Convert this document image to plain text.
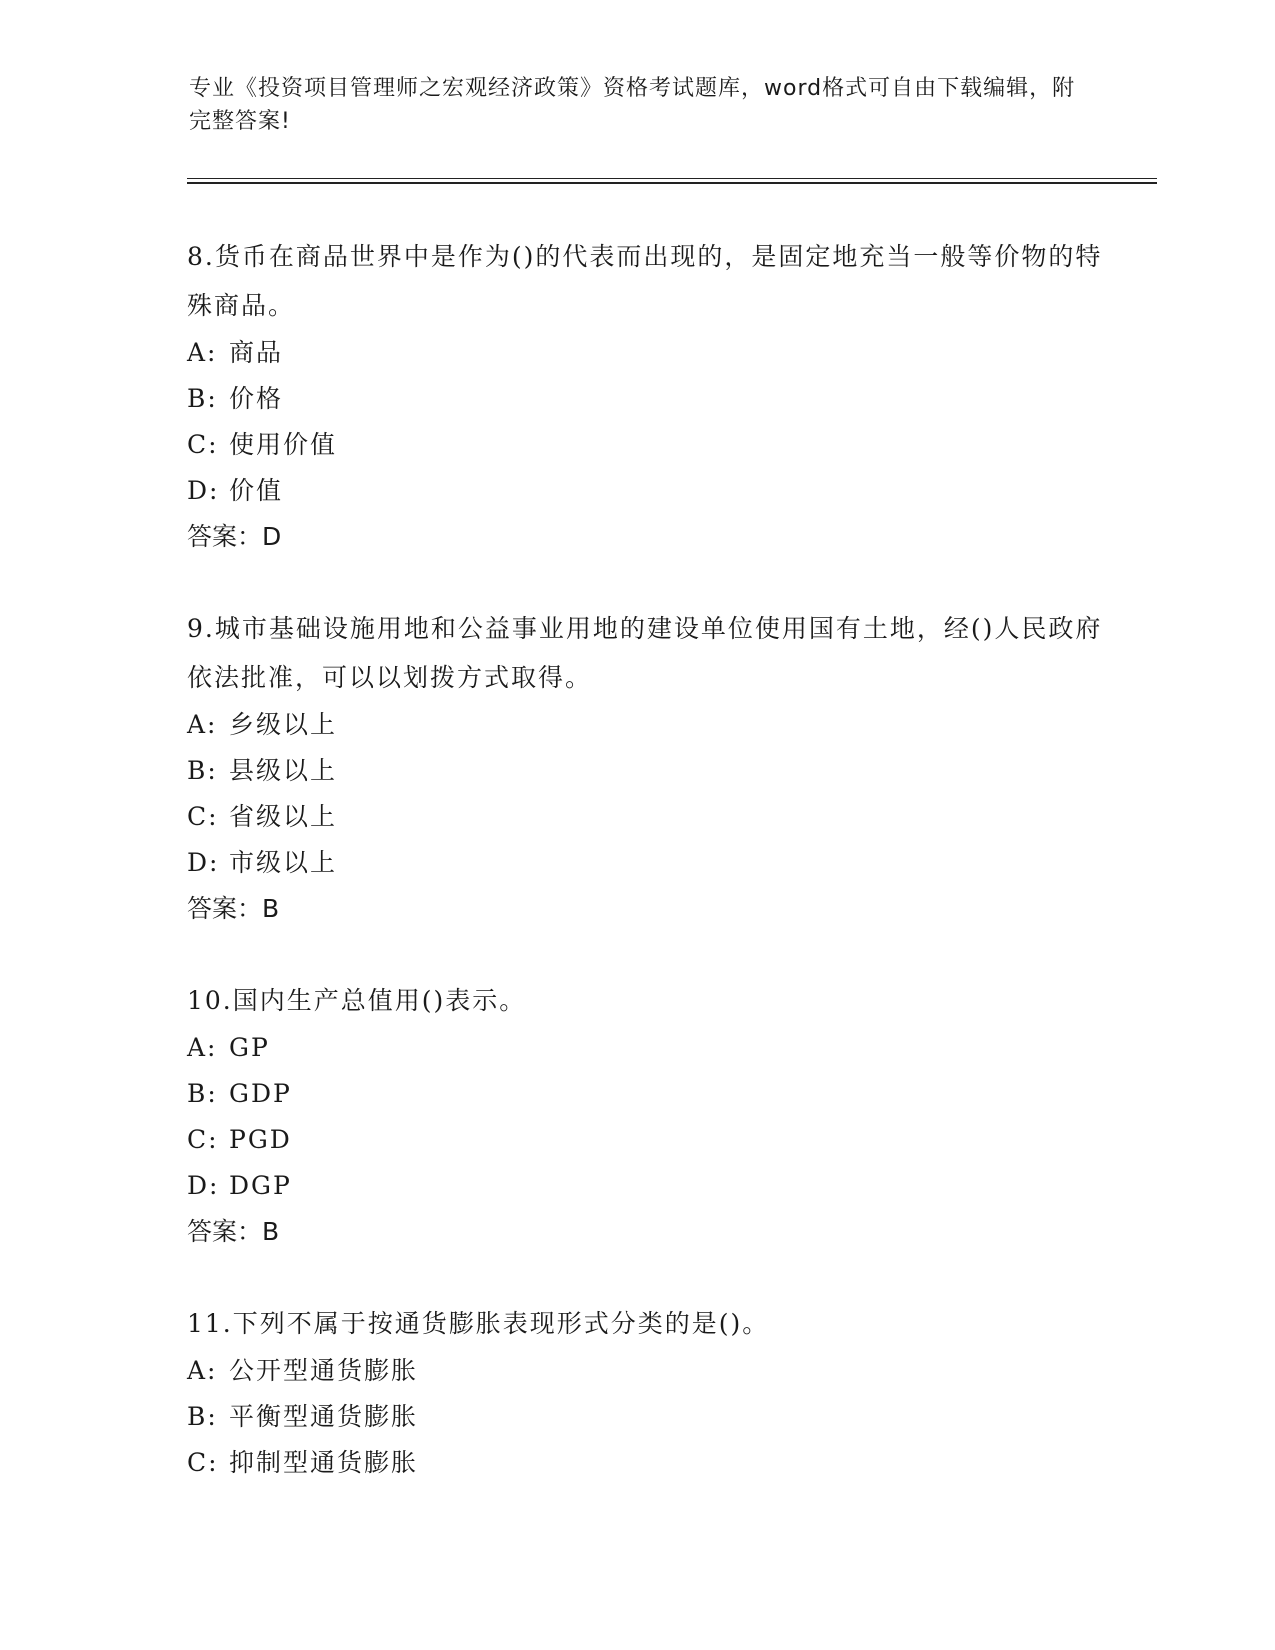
专业《投资项目管理师之宏观经济政策》资格考试题库，word格式可自由下载编辑，附完整答案!
8.货币在商品世界中是作为()的代表而出现的，是固定地充当一般等价物的特殊商品。
A: 商品
B: 价格
C: 使用价值
D: 价值
答案：D
9.城市基础设施用地和公益事业用地的建设单位使用国有土地，经()人民政府依法批准，可以以划拨方式取得。
A: 乡级以上
B: 县级以上
C: 省级以上
D: 市级以上
答案：B
10.国内生产总值用()表示。
A: GP
B: GDP
C: PGD
D: DGP
答案：B
11.下列不属于按通货膨胀表现形式分类的是()。
A: 公开型通货膨胀
B: 平衡型通货膨胀
C: 抑制型通货膨胀
